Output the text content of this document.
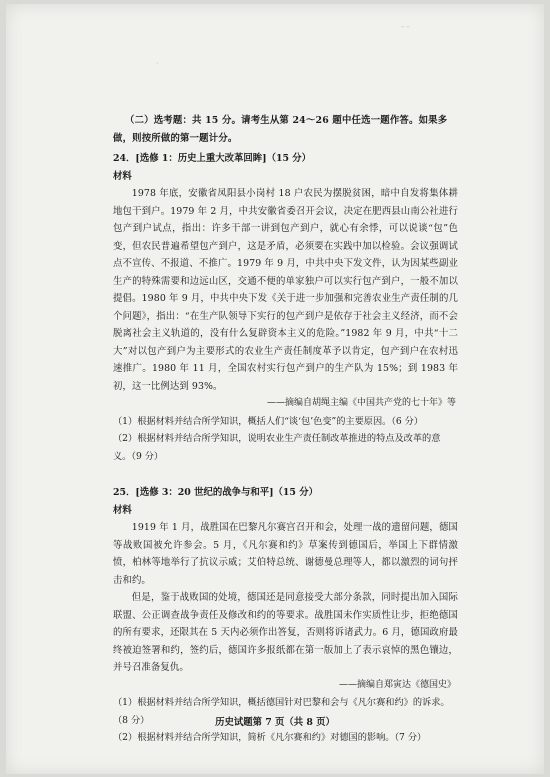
ᵔ ᵔ
·
（二）选考题：共 15 分。请考生从第 24～26 题中任选一题作答。如果多做，则按所做的第一题计分。
24．[选修 1：历史上重大改革回眸]（15 分）
材料
1978 年底，安徽省凤阳县小岗村 18 户农民为摆脱贫困，暗中自发将集体耕地包干到户。1979 年 2 月，中共安徽省委召开会议，决定在肥西县山南公社进行包产到户试点，指出：许多干部一讲到包产到户，就心有余悸，可以说谈“包”色变，但农民普遍希望包产到户，这是矛盾，必须要在实践中加以检验。会议强调试点不宣传、不报道、不推广。1979 年 9 月，中共中央下发文件，认为因某些副业生产的特殊需要和边远山区，交通不便的单家独户可以实行包产到户，一般不加以提倡。1980 年 9 月，中共中央下发《关于进一步加强和完善农业生产责任制的几个问题》，指出：“在生产队领导下实行的包产到户是依存于社会主义经济，而不会脱离社会主义轨道的，没有什么复辟资本主义的危险。”1982 年 9 月，中共“十二大”对以包产到户为主要形式的农业生产责任制度革予以肯定，包产到户在农村迅速推广。1980 年 11 月，全国农村实行包产到户的生产队为 15%；到 1983 年初，这一比例达到 93%。
——摘编自胡绳主编《中国共产党的七十年》等
（1）根据材料并结合所学知识，概括人们“谈‘包’色变”的主要原因。（6 分）
（2）根据材料并结合所学知识，说明农业生产责任制改革推进的特点及改革的意义。（9 分）
25．[选修 3：20 世纪的战争与和平]（15 分）
材料
1919 年 1 月，战胜国在巴黎凡尔赛宫召开和会，处理一战的遗留问题，德国等战败国被允许参会。5 月，《凡尔赛和约》草案传到德国后，举国上下群情激愤，柏林等地举行了抗议示威；艾伯特总统、谢德曼总理等人，都以激烈的词句抨击和约。
但是，鉴于战败国的处境，德国还是同意接受大部分条款，同时提出加入国际联盟、公正调查战争责任及修改和约的等要求。战胜国未作实质性让步，拒绝德国的所有要求，还限其在 5 天内必须作出答复，否则将诉诸武力。6 月，德国政府最终被迫签署和约，签约后，德国许多报纸都在第一版加上了表示哀悼的黑色镶边，并号召准备复仇。
——摘编自郑寅达《德国史》
（1）根据材料并结合所学知识，概括德国针对巴黎和会与《凡尔赛和约》的诉求。（8 分）
（2）根据材料并结合所学知识，简析《凡尔赛和约》对德国的影响。（7 分）
历史试题第 7 页（共 8 页）
